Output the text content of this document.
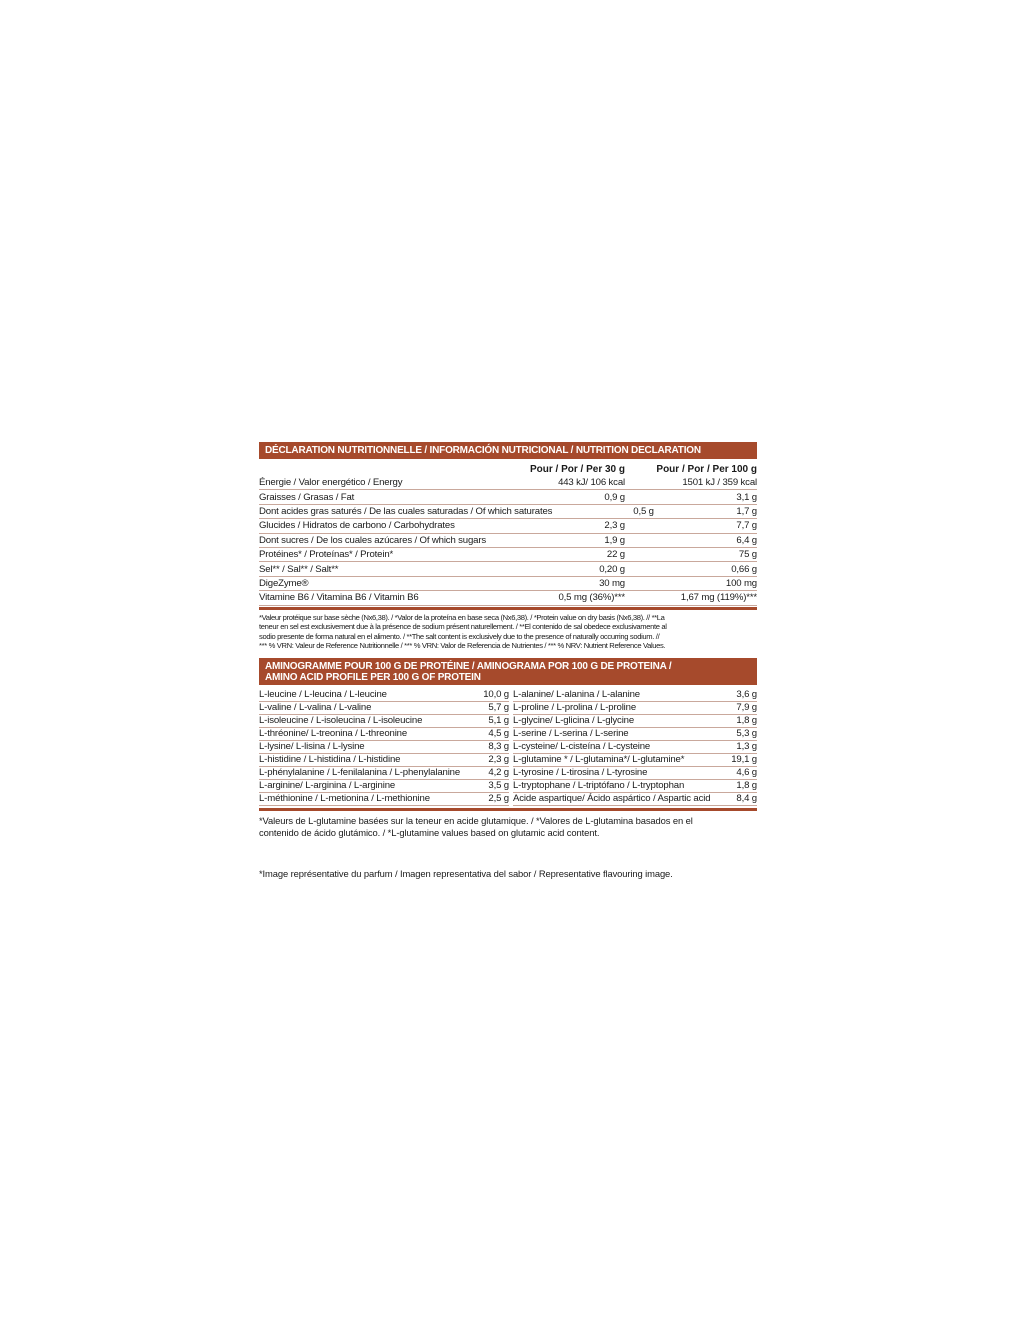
DÉCLARATION NUTRITIONNELLE / INFORMACIÓN NUTRICIONAL / NUTRITION DECLARATION
Pour / Por / Per 30 g	Pour / Por / Per 100 g
Énergie / Valor energético / Energy	443 kJ/ 106 kcal	1501 kJ / 359 kcal
Graisses / Grasas / Fat	0,9 g	3,1 g
Dont acides gras saturés / De las cuales saturadas / Of which saturates	0,5 g	1,7 g
Glucides / Hidratos de carbono / Carbohydrates	2,3 g	7,7 g
Dont sucres / De los cuales azúcares / Of which sugars	1,9 g	6,4 g
Protéines* / Proteínas* / Protein*	22 g	75 g
Sel** / Sal** / Salt**	0,20 g	0,66 g
DigeZyme®	30 mg	100 mg
Vitamine B6 / Vitamina B6 / Vitamin B6	0,5 mg (36%)***	1,67 mg (119%)***
*Valeur protéique sur base sèche (Nx6,38). / *Valor de la proteína en base seca (Nx6,38). / *Protein value on dry basis (Nx6,38). // **La
teneur en sel est exclusivement due à la présence de sodium présent naturellement. / **El contenido de sal obedece exclusivamente al
sodio presente de forma natural en el alimento. / **The salt content is exclusively due to the presence of naturally occurring sodium. //
*** % VRN: Valeur de Reference Nutritionnelle / *** % VRN: Valor de Referencia de Nutrientes / *** % NRV: Nutrient Reference Values.
AMINOGRAMME POUR 100 G DE PROTÉINE / AMINOGRAMA POR 100 G DE PROTEINA /
AMINO ACID PROFILE PER 100 G OF PROTEIN
L-leucine / L-leucina / L-leucine	10,0 g L-alanine/ L-alanina / L-alanine	3,6 g
L-valine / L-valina / L-valine	5,7 g L-proline / L-prolina / L-proline	7,9 g
L-isoleucine / L-isoleucina / L-isoleucine	5,1 g L-glycine/ L-glicina / L-glycine	1,8 g
L-thréonine/ L-treonina / L-threonine	4,5 g L-serine / L-serina / L-serine	5,3 g
L-lysine/ L-lisina / L-lysine	8,3 g L-cysteine/ L-cisteína / L-cysteine	1,3 g
L-histidine / L-histidina / L-histidine	2,3 g L-glutamine * / L-glutamina*/ L-glutamine*	19,1 g
L-phénylalanine / L-fenilalanina / L-phenylalanine	4,2 g L-tyrosine / L-tirosina / L-tyrosine	4,6 g
L-arginine/ L-arginina / L-arginine	3,5 g L-tryptophane / L-triptófano / L-tryptophan	1,8 g
L-méthionine / L-metionina / L-methionine	2,5 g Acide aspartique/ Ácido aspártico / Aspartic acid	8,4 g
*Valeurs de L-glutamine basées sur la teneur en acide glutamique. / *Valores de L-glutamina basados en el
contenido de ácido glutámico. / *L-glutamine values based on glutamic acid content.
*Image représentative du parfum / Imagen representativa del sabor / Representative flavouring image.
